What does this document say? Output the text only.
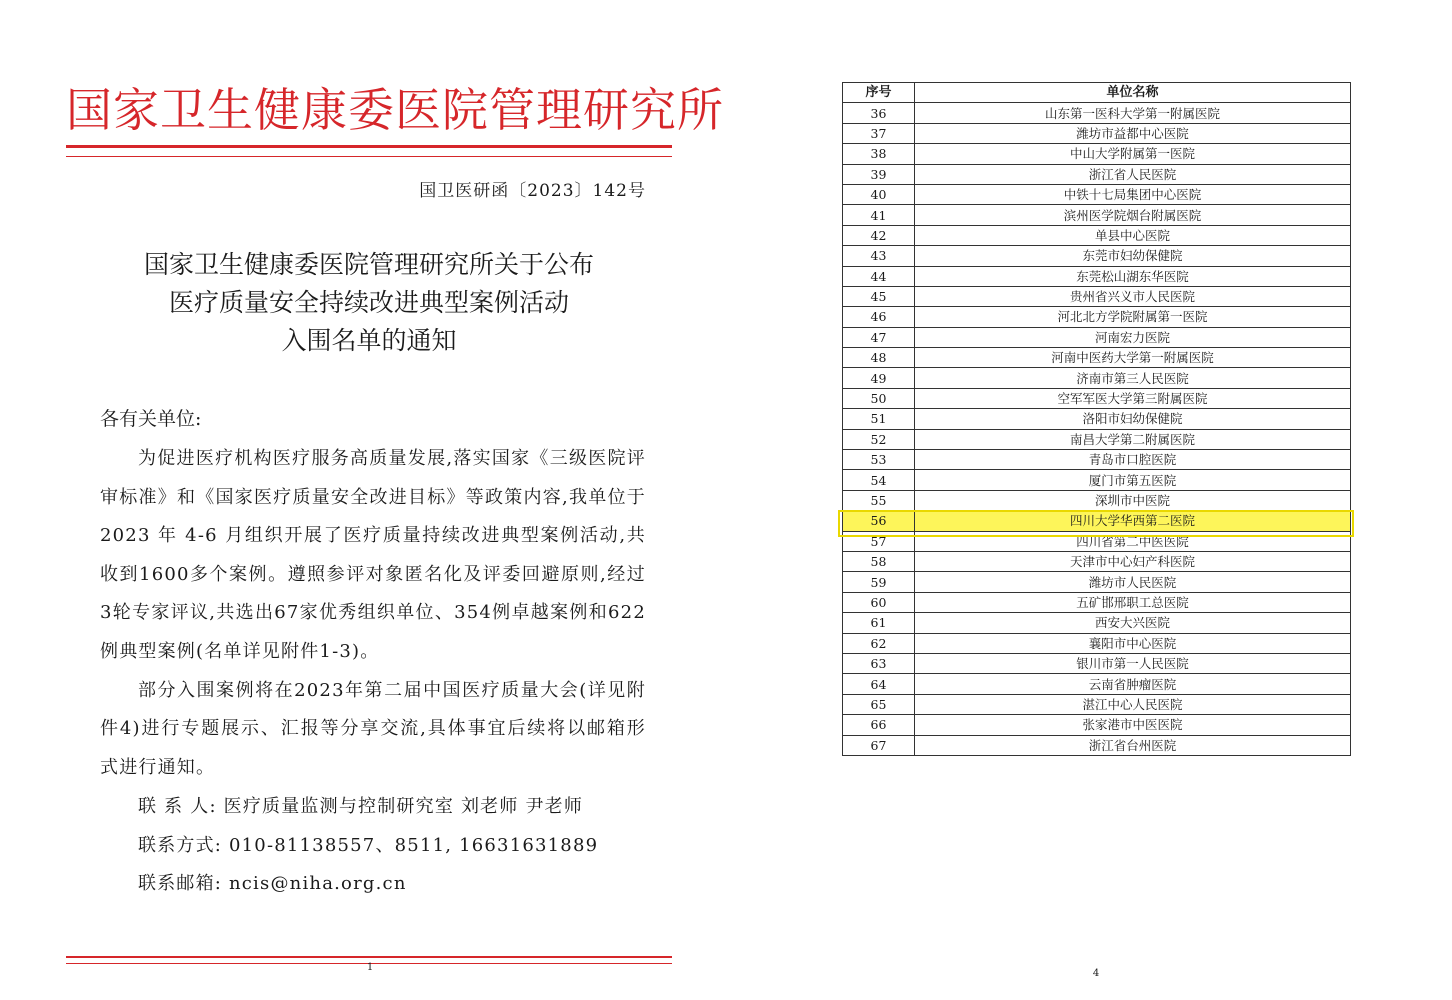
国家卫生健康委医院管理研究所
国卫医研函〔2023〕142号
国家卫生健康委医院管理研究所关于公布
医疗质量安全持续改进典型案例活动
入围名单的通知
各有关单位:

为促进医疗机构医疗服务高质量发展,落实国家《三级医院评审标准》和《国家医疗质量安全改进目标》等政策内容,我单位于 2023 年 4-6 月组织开展了医疗质量持续改进典型案例活动,共收到1600多个案例。遵照参评对象匿名化及评委回避原则,经过3轮专家评议,共选出67家优秀组织单位、354例卓越案例和622例典型案例(名单详见附件1-3)。

部分入围案例将在2023年第二届中国医疗质量大会(详见附件4)进行专题展示、汇报等分享交流,具体事宜后续将以邮箱形式进行通知。

联 系 人: 医疗质量监测与控制研究室 刘老师 尹老师
联系方式: 010-81138557、8511, 16631631889
联系邮箱: ncis@niha.org.cn
1
序号	单位名称
36	山东第一医科大学第一附属医院
37	潍坊市益都中心医院
38	中山大学附属第一医院
39	浙江省人民医院
40	中铁十七局集团中心医院
41	滨州医学院烟台附属医院
42	单县中心医院
43	东莞市妇幼保健院
44	东莞松山湖东华医院
45	贵州省兴义市人民医院
46	河北北方学院附属第一医院
47	河南宏力医院
48	河南中医药大学第一附属医院
49	济南市第三人民医院
50	空军军医大学第三附属医院
51	洛阳市妇幼保健院
52	南昌大学第二附属医院
53	青岛市口腔医院
54	厦门市第五医院
55	深圳市中医院
56	四川大学华西第二医院
57	四川省第二中医医院
58	天津市中心妇产科医院
59	潍坊市人民医院
60	五矿邯邢职工总医院
61	西安大兴医院
62	襄阳市中心医院
63	银川市第一人民医院
64	云南省肿瘤医院
65	湛江中心人民医院
66	张家港市中医医院
67	浙江省台州医院
4
